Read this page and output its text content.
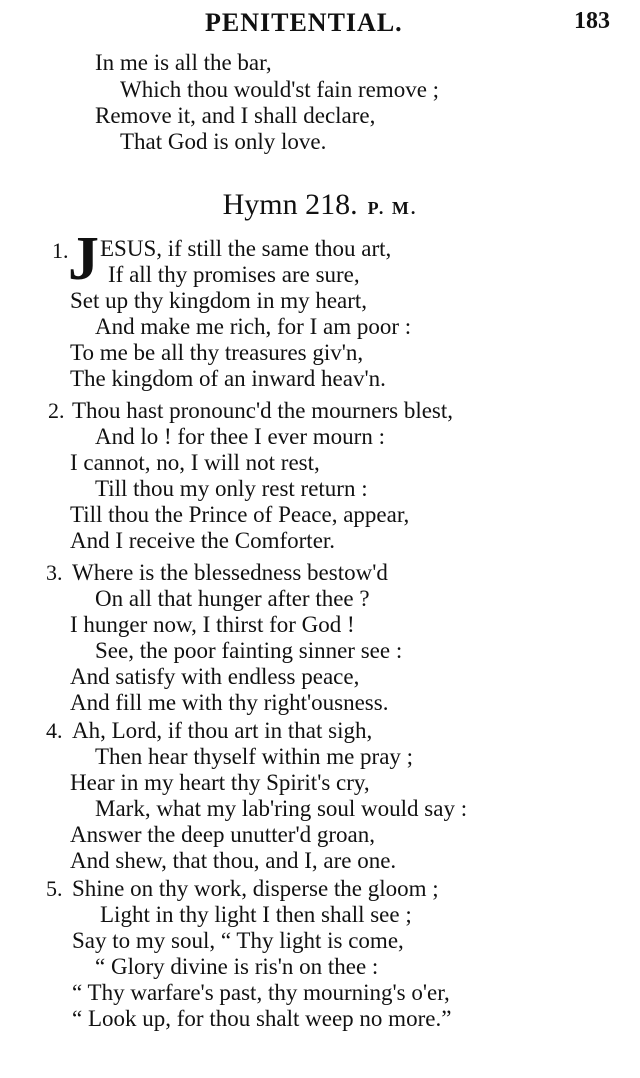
PENITENTIAL.	183
In me is all the bar,
Which thou would'st fain remove ;
Remove it, and I shall declare,
That God is only love.
Hymn 218. P. M.
1. J ESUS, if still the same thou art,
If all thy promises are sure,
Set up thy kingdom in my heart,
And make me rich, for I am poor :
To me be all thy treasures giv'n,
The kingdom of an inward heav'n.
2. Thou hast pronounc'd the mourners blest,
And lo ! for thee I ever mourn :
I cannot, no, I will not rest,
Till thou my only rest return :
Till thou the Prince of Peace, appear,
And I receive the Comforter.
3. Where is the blessedness bestow'd
On all that hunger after thee ?
I hunger now, I thirst for God !
See, the poor fainting sinner see :
And satisfy with endless peace,
And fill me with thy right'ousness.
4. Ah, Lord, if thou art in that sigh,
Then hear thyself within me pray ;
Hear in my heart thy Spirit's cry,
Mark, what my lab'ring soul would say :
Answer the deep unutter'd groan,
And shew, that thou, and I, are one.
5. Shine on thy work, disperse the gloom ;
Light in thy light I then shall see ;
Say to my soul, “ Thy light is come,
“ Glory divine is ris'n on thee :
“ Thy warfare's past, thy mourning's o'er,
“ Look up, for thou shalt weep no more.”
